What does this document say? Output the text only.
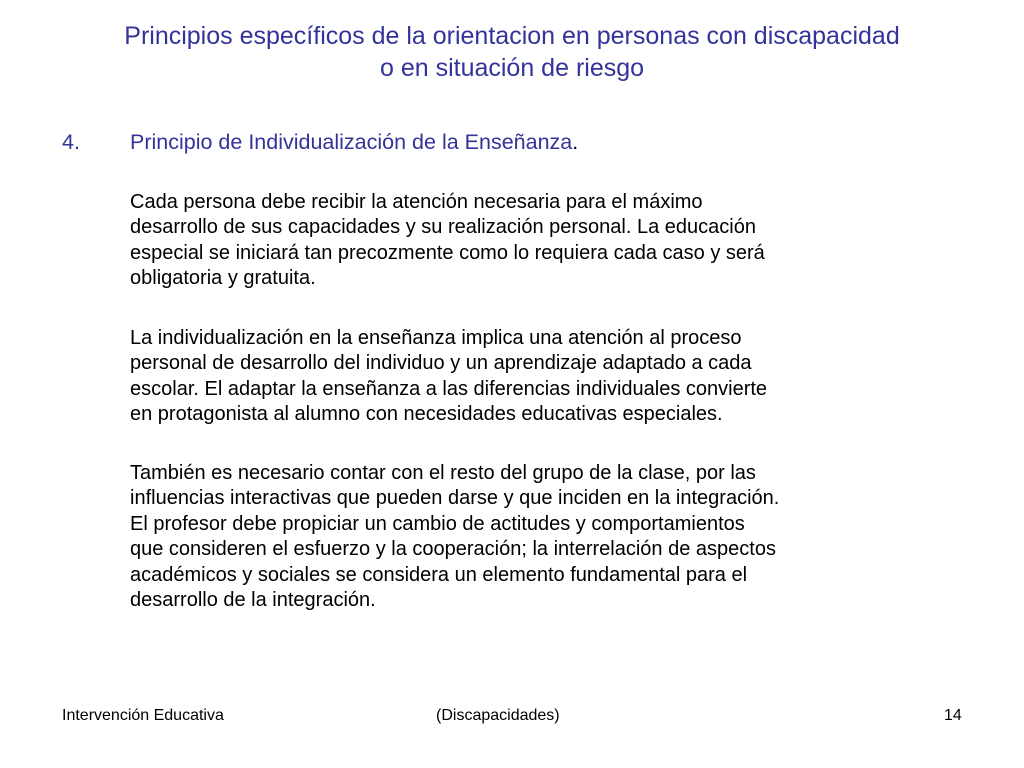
Principios específicos de la orientacion en personas con discapacidad
o en situación de riesgo
4. Principio de Individualización de la Enseñanza.

Cada persona debe recibir la atención necesaria para el máximo
desarrollo de sus capacidades y su realización personal. La educación
especial se iniciará tan precozmente como lo requiera cada caso y será
obligatoria y gratuita.

La individualización en la enseñanza implica una atención al proceso
personal de desarrollo del individuo y un aprendizaje adaptado a cada
escolar. El adaptar la enseñanza a las diferencias individuales convierte
en protagonista al alumno con necesidades educativas especiales.

También es necesario contar con el resto del grupo de la clase, por las
influencias interactivas que pueden darse y que inciden en la integración.
El profesor debe propiciar un cambio de actitudes y comportamientos
que consideren el esfuerzo y la cooperación; la interrelación de aspectos
académicos y sociales se considera un elemento fundamental para el
desarrollo de la integración.

Intervención Educativa	(Discapacidades)	14
